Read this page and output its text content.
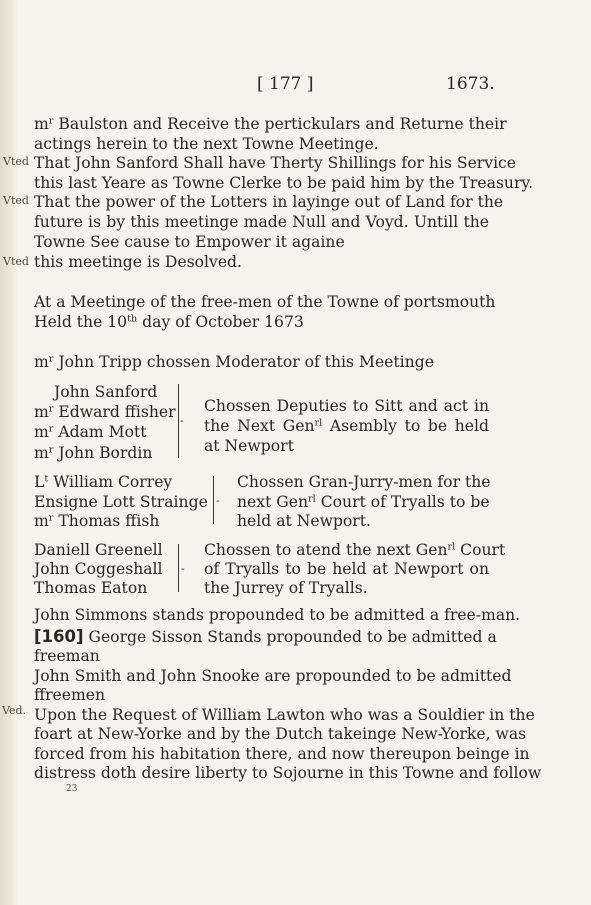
[ 177 ]	1673.
Vted
Vted
Vted
Ved.
$m^r$ Baulston and Receive the pertickulars and Returne their
actings herein to the next Towne Meetinge.
That John Sanford Shall have Therty Shillings for his Service
this last Yeare as Towne Clerke to be paid him by the Treasury.
That the power of the Lotters in layinge out of Land for the
future is by this meetinge made Null and Voyd. Untill the
Towne See cause to Empower it againe
this meetinge is Desolved.
At a Meetinge of the free-men of the Towne of portsmouth
Held the 10th day of October 1673
$m^r$ John Tripp chossen Moderator of this Meetinge
John Sanford
$m^r$ Edward ffisher
$m^r$ Adam Mott
$m^r$ John Bordin
‐
Chossen Deputies to Sitt and act in
the Next Gen$^{rl}$ Asembly to be held
at Newport
$L^t$ William Correy
Ensigne Lott Strainge
$m^r$ Thomas ffish
‐
Chossen Gran-Jurry-men for the
next Gen$^{rl}$ Court of Tryalls to be
held at Newport.
Daniell Greenell
John Coggeshall
Thomas Eaton
‐
Chossen to atend the next Gen$^{rl}$ Court
of Tryalls to be held at Newport on
the Jurrey of Tryalls.
John Simmons stands propounded to be admitted a free-man.
[160] George Sisson Stands propounded to be admitted a
freeman
John Smith and John Snooke are propounded to be admitted
ffreemen
Upon the Request of William Lawton who was a Souldier in the
foart at New-Yorke and by the Dutch takeinge New-Yorke, was
forced from his habitation there, and now thereupon beinge in
distress doth desire liberty to Sojourne in this Towne and follow
23
